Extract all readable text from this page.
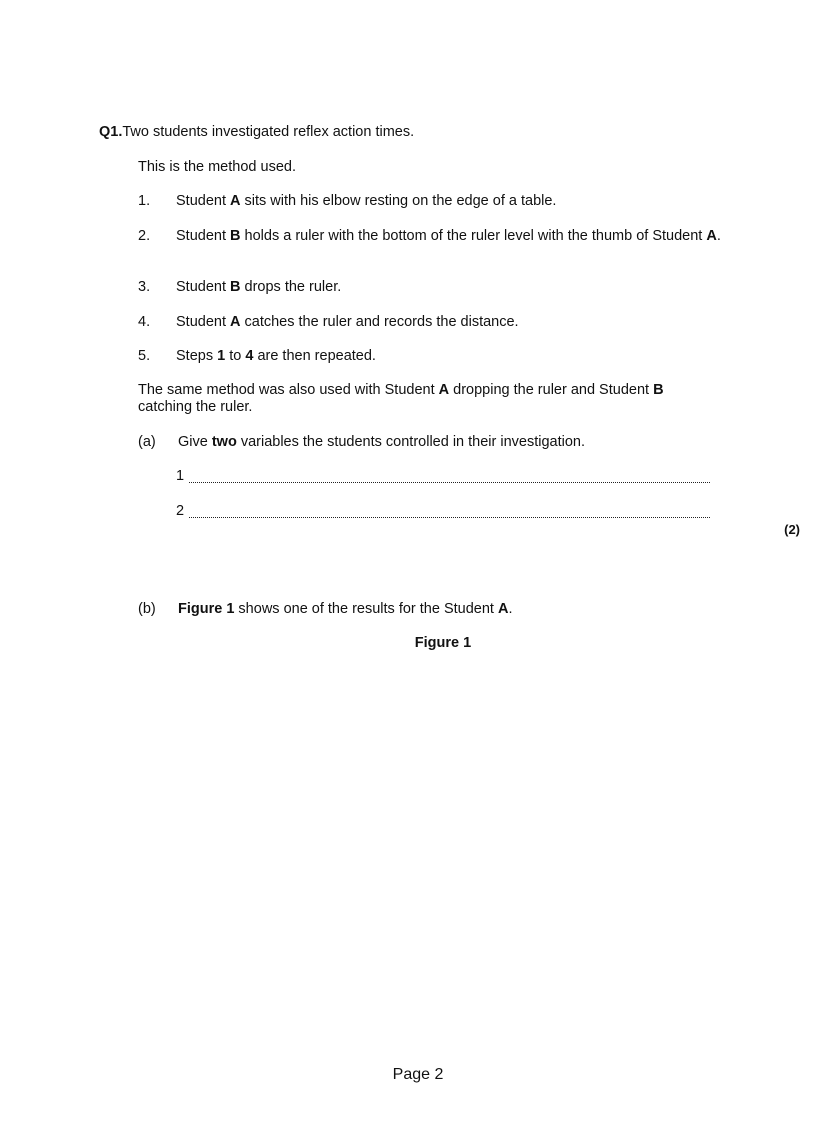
Q1.Two students investigated reflex action times.
This is the method used.
1. Student A sits with his elbow resting on the edge of a table.
2. Student B holds a ruler with the bottom of the ruler level with the thumb of Student A.
3. Student B drops the ruler.
4. Student A catches the ruler and records the distance.
5. Steps 1 to 4 are then repeated.
The same method was also used with Student A dropping the ruler and Student B catching the ruler.
(a) Give two variables the students controlled in their investigation.
1
2
(2)
(b) Figure 1 shows one of the results for the Student A.
Figure 1
Page 2
